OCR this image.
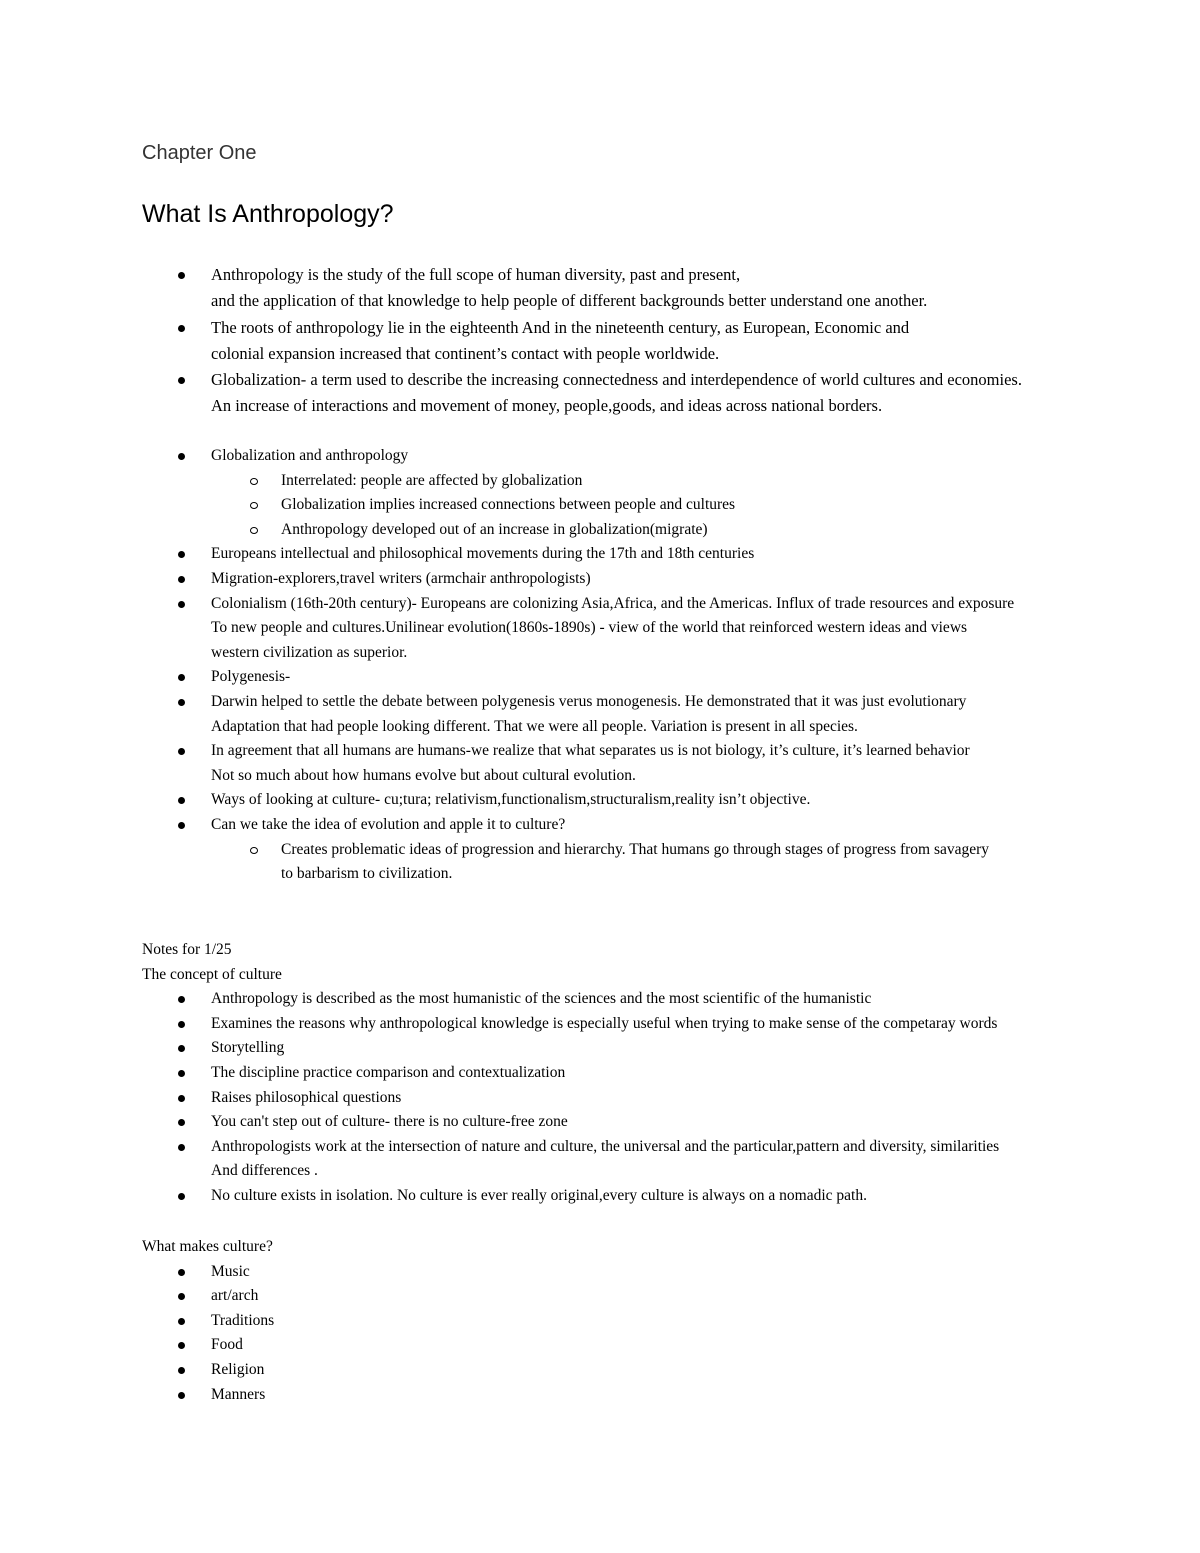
Chapter One
What Is Anthropology?
Anthropology is the study of the full scope of human diversity, past and present,
and the application of that knowledge to help people of different backgrounds better understand one another.
The roots of anthropology lie in the eighteenth And in the nineteenth century, as European, Economic and
colonial expansion increased that continent’s contact with people worldwide.
Globalization- a term used to describe the increasing connectedness and interdependence of world cultures and economies.
An increase of interactions and movement of money, people,goods, and ideas across national borders.
Globalization and anthropology
Interrelated: people are affected by globalization
Globalization implies increased connections between people and cultures
Anthropology developed out of an increase in globalization(migrate)
Europeans intellectual and philosophical movements during the 17th and 18th centuries
Migration-explorers,travel writers (armchair anthropologists)
Colonialism (16th-20th century)- Europeans are colonizing Asia,Africa, and the Americas. Influx of trade resources and exposure
To new people and cultures.Unilinear evolution(1860s-1890s) - view of the world that reinforced western ideas and views
western civilization as superior.
Polygenesis-
Darwin helped to settle the debate between polygenesis verus monogenesis. He demonstrated that it was just evolutionary
Adaptation that had people looking different. That we were all people. Variation is present in all species.
In agreement that all humans are humans-we realize that what separates us is not biology, it’s culture, it’s learned behavior
Not so much about how humans evolve but about cultural evolution.
Ways of looking at culture- cu;tura; relativism,functionalism,structuralism,reality isn’t objective.
Can we take the idea of evolution and apple it to culture?
Creates problematic ideas of progression and hierarchy. That humans go through stages of progress from savagery
to barbarism to civilization.
Notes for 1/25
The concept of culture
Anthropology is described as the most humanistic of the sciences and the most scientific of the humanistic
Examines the reasons why anthropological knowledge is especially useful when trying to make sense of the competaray words
Storytelling
The discipline practice comparison and contextualization
Raises philosophical questions
You can't step out of culture- there is no culture-free zone
Anthropologists work at the intersection of nature and culture, the universal and the particular,pattern and diversity, similarities
And differences .
No culture exists in isolation. No culture is ever really original,every culture is always on a nomadic path.
What makes culture?
Music
art/arch
Traditions
Food
Religion
Manners
